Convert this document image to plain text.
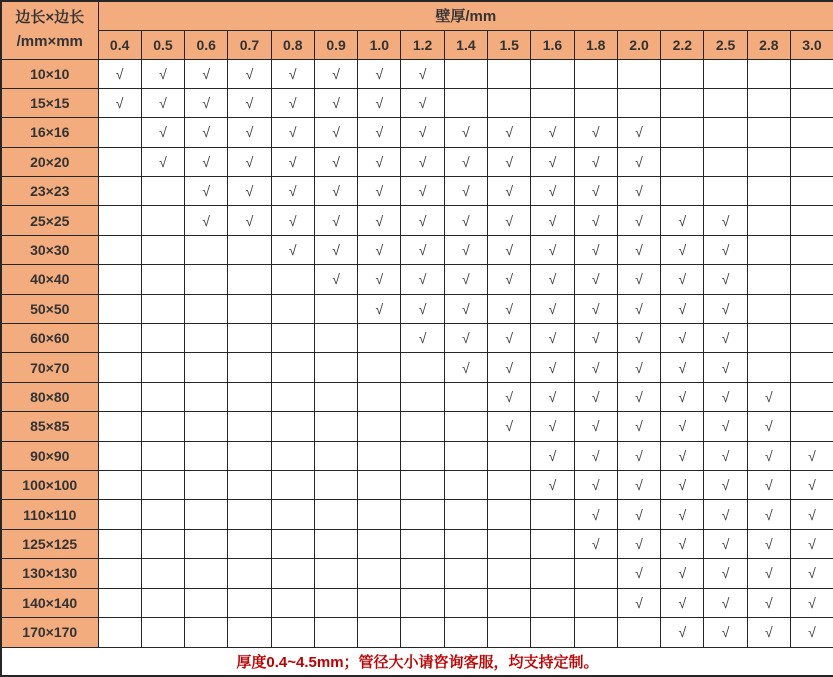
边长×边长
/mm×mm	壁厚/mm																
	0.4	0.5	0.6	0.7	0.8	0.9	1.0	1.2	1.4	1.5	1.6	1.8	2.0	2.2	2.5	2.8	3.0
10×10	√	√	√	√	√	√	√	√									
15×15	√	√	√	√	√	√	√	√									
16×16		√	√	√	√	√	√	√	√	√	√	√	√				
20×20		√	√	√	√	√	√	√	√	√	√	√	√				
23×23			√	√	√	√	√	√	√	√	√	√	√				
25×25			√	√	√	√	√	√	√	√	√	√	√	√	√		
30×30					√	√	√	√	√	√	√	√	√	√	√		
40×40						√	√	√	√	√	√	√	√	√	√		
50×50							√	√	√	√	√	√	√	√	√		
60×60								√	√	√	√	√	√	√	√		
70×70									√	√	√	√	√	√	√		
80×80										√	√	√	√	√	√	√	
85×85										√	√	√	√	√	√	√	
90×90											√	√	√	√	√	√	√
100×100											√	√	√	√	√	√	√
110×110												√	√	√	√	√	√
125×125												√	√	√	√	√	√
130×130													√	√	√	√	√
140×140													√	√	√	√	√
170×170														√	√	√	√
厚度0.4~4.5mm；管径大小请咨询客服，均支持定制。																	
